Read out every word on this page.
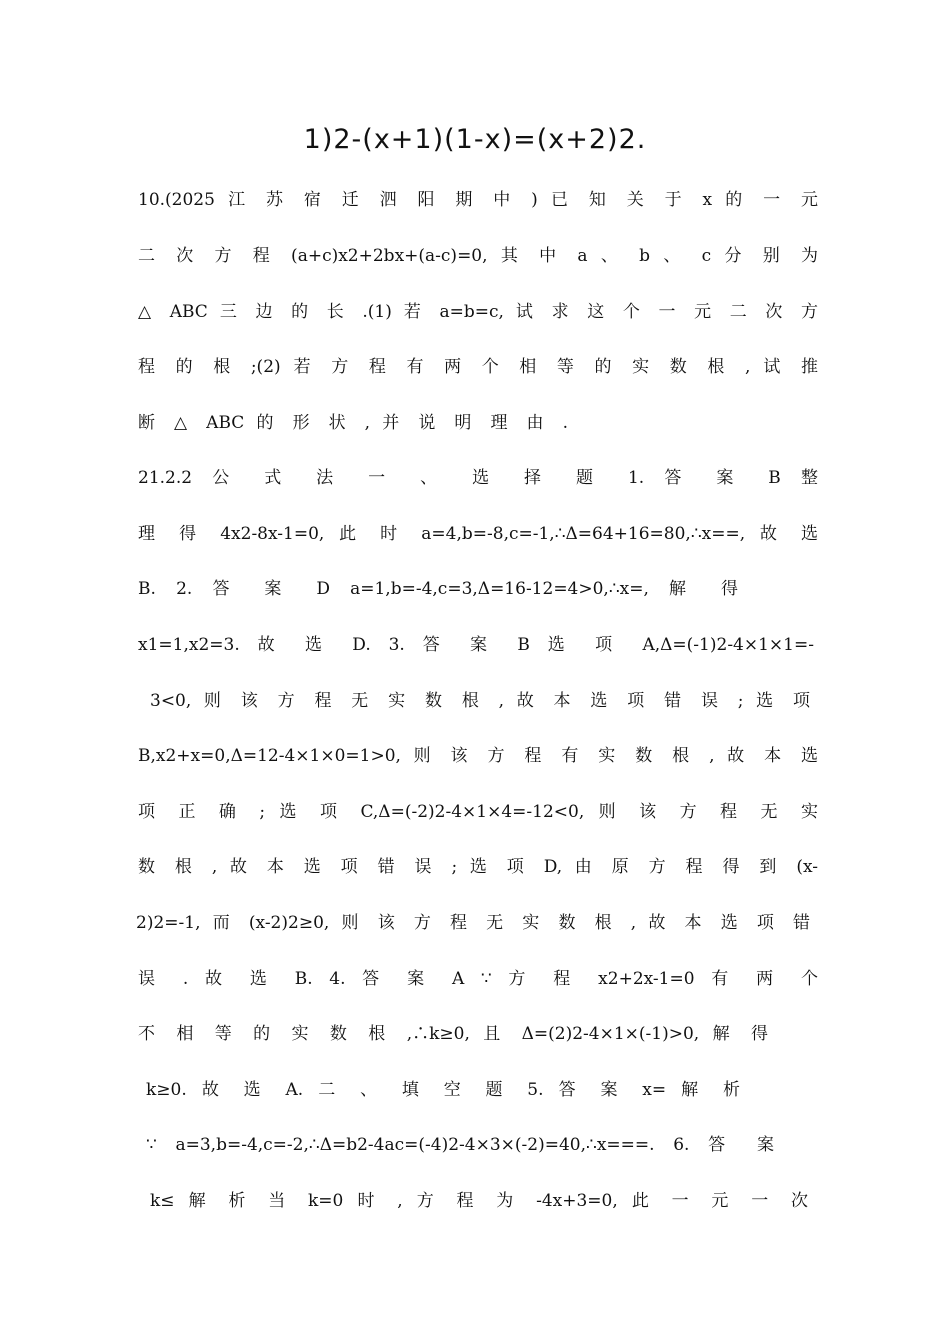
1)2-(x+1)(1-x)=(x+2)2.
10.(2025 江 苏 宿 迁 泗 阳 期 中 ) 已 知 关 于 x 的 一 元
二 次 方 程 (a+c)x2+2bx+(a-c)=0, 其 中 a 、 b 、 c 分 别 为
△ ABC 三 边 的 长 .(1) 若 a=b=c, 试 求 这 个 一 元 二 次 方
程 的 根 ;(2) 若 方 程 有 两 个 相 等 的 实 数 根 , 试 推
断 △ ABC 的 形 状 , 并 说 明 理 由 .
21.2.2 公 式 法 一 、 选 择 题 1. 答 案 B 整
理 得 4x2-8x-1=0, 此 时 a=4,b=-8,c=-1,∴Δ=64+16=80,∴x==, 故 选
B. 2. 答 案 D a=1,b=-4,c=3,Δ=16-12=4>0,∴x=, 解 得
x1=1,x2=3. 故 选 D. 3. 答 案 B 选 项 A,Δ=(-1)2-4×1×1=-
3<0, 则 该 方 程 无 实 数 根 , 故 本 选 项 错 误 ; 选 项
B,x2+x=0,Δ=12-4×1×0=1>0, 则 该 方 程 有 实 数 根 , 故 本 选
项 正 确 ; 选 项 C,Δ=(-2)2-4×1×4=-12<0, 则 该 方 程 无 实
数 根 , 故 本 选 项 错 误 ; 选 项 D, 由 原 方 程 得 到 (x-
2)2=-1, 而 (x-2)2≥0, 则 该 方 程 无 实 数 根 , 故 本 选 项 错
误 . 故 选 B. 4. 答 案 A ∵ 方 程 x2+2x-1=0 有 两 个
不 相 等 的 实 数 根 ,∴k≥0, 且 Δ=(2)2-4×1×(-1)>0, 解 得
k≥0. 故 选 A. 二 、 填 空 题 5. 答 案 x= 解 析
∵ a=3,b=-4,c=-2,∴Δ=b2-4ac=(-4)2-4×3×(-2)=40,∴x===. 6. 答 案
k≤ 解 析 当 k=0 时 , 方 程 为 -4x+3=0, 此 一 元 一 次
